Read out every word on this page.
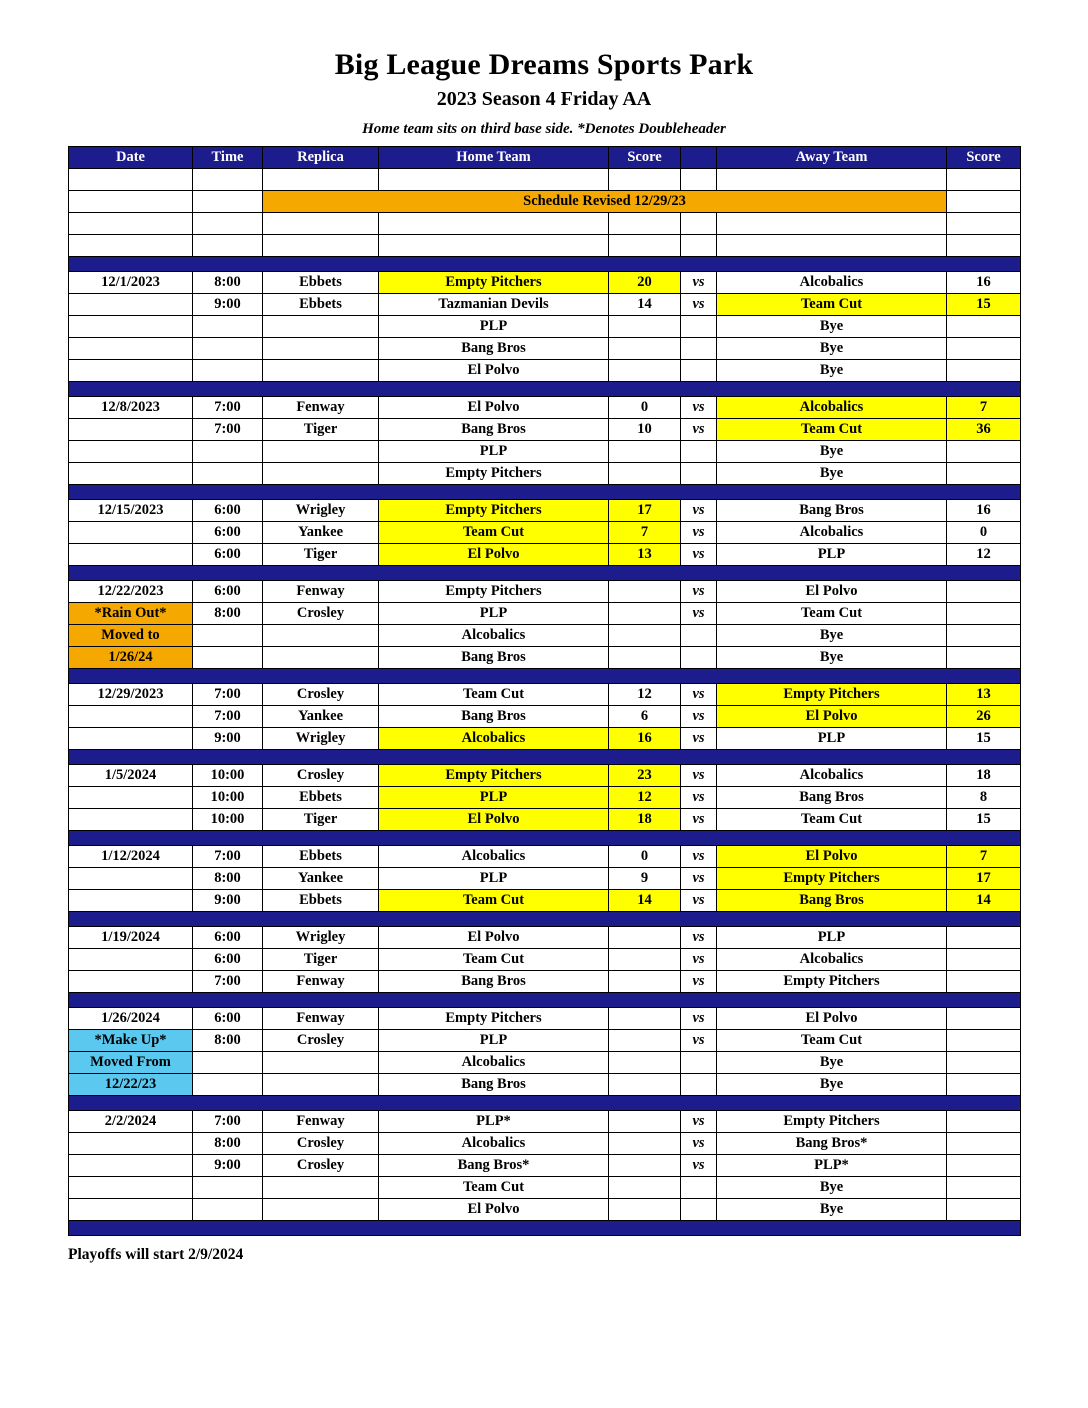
Big League Dreams Sports Park
2023 Season 4 Friday AA
Home team sits on third base side. *Denotes Doubleheader
Date	Time	Replica	Home Team	Score		Away Team	Score

		Schedule Revised 12/29/23					

12/1/2023	8:00	Ebbets	Empty Pitchers	20	vs	Alcobalics	16
	9:00	Ebbets	Tazmanian Devils	14	vs	Team Cut	15
			PLP			Bye	
			Bang Bros			Bye	
			El Polvo			Bye	

12/8/2023	7:00	Fenway	El Polvo	0	vs	Alcobalics	7
	7:00	Tiger	Bang Bros	10	vs	Team Cut	36
			PLP			Bye	
			Empty Pitchers			Bye	

12/15/2023	6:00	Wrigley	Empty Pitchers	17	vs	Bang Bros	16
	6:00	Yankee	Team Cut	7	vs	Alcobalics	0
	6:00	Tiger	El Polvo	13	vs	PLP	12

12/22/2023	6:00	Fenway	Empty Pitchers		vs	El Polvo	
*Rain Out*	8:00	Crosley	PLP		vs	Team Cut	
Moved to			Alcobalics			Bye	
1/26/24			Bang Bros			Bye	

12/29/2023	7:00	Crosley	Team Cut	12	vs	Empty Pitchers	13
	7:00	Yankee	Bang Bros	6	vs	El Polvo	26
	9:00	Wrigley	Alcobalics	16	vs	PLP	15

1/5/2024	10:00	Crosley	Empty Pitchers	23	vs	Alcobalics	18
	10:00	Ebbets	PLP	12	vs	Bang Bros	8
	10:00	Tiger	El Polvo	18	vs	Team Cut	15

1/12/2024	7:00	Ebbets	Alcobalics	0	vs	El Polvo	7
	8:00	Yankee	PLP	9	vs	Empty Pitchers	17
	9:00	Ebbets	Team Cut	14	vs	Bang Bros	14

1/19/2024	6:00	Wrigley	El Polvo		vs	PLP	
	6:00	Tiger	Team Cut		vs	Alcobalics	
	7:00	Fenway	Bang Bros		vs	Empty Pitchers	

1/26/2024	6:00	Fenway	Empty Pitchers		vs	El Polvo	
*Make Up*	8:00	Crosley	PLP		vs	Team Cut	
Moved From			Alcobalics			Bye	
12/22/23			Bang Bros			Bye	

2/2/2024	7:00	Fenway	PLP*		vs	Empty Pitchers	
	8:00	Crosley	Alcobalics		vs	Bang Bros*	
	9:00	Crosley	Bang Bros*		vs	PLP*	
			Team Cut			Bye	
			El Polvo			Bye	

Playoffs will start 2/9/2024
